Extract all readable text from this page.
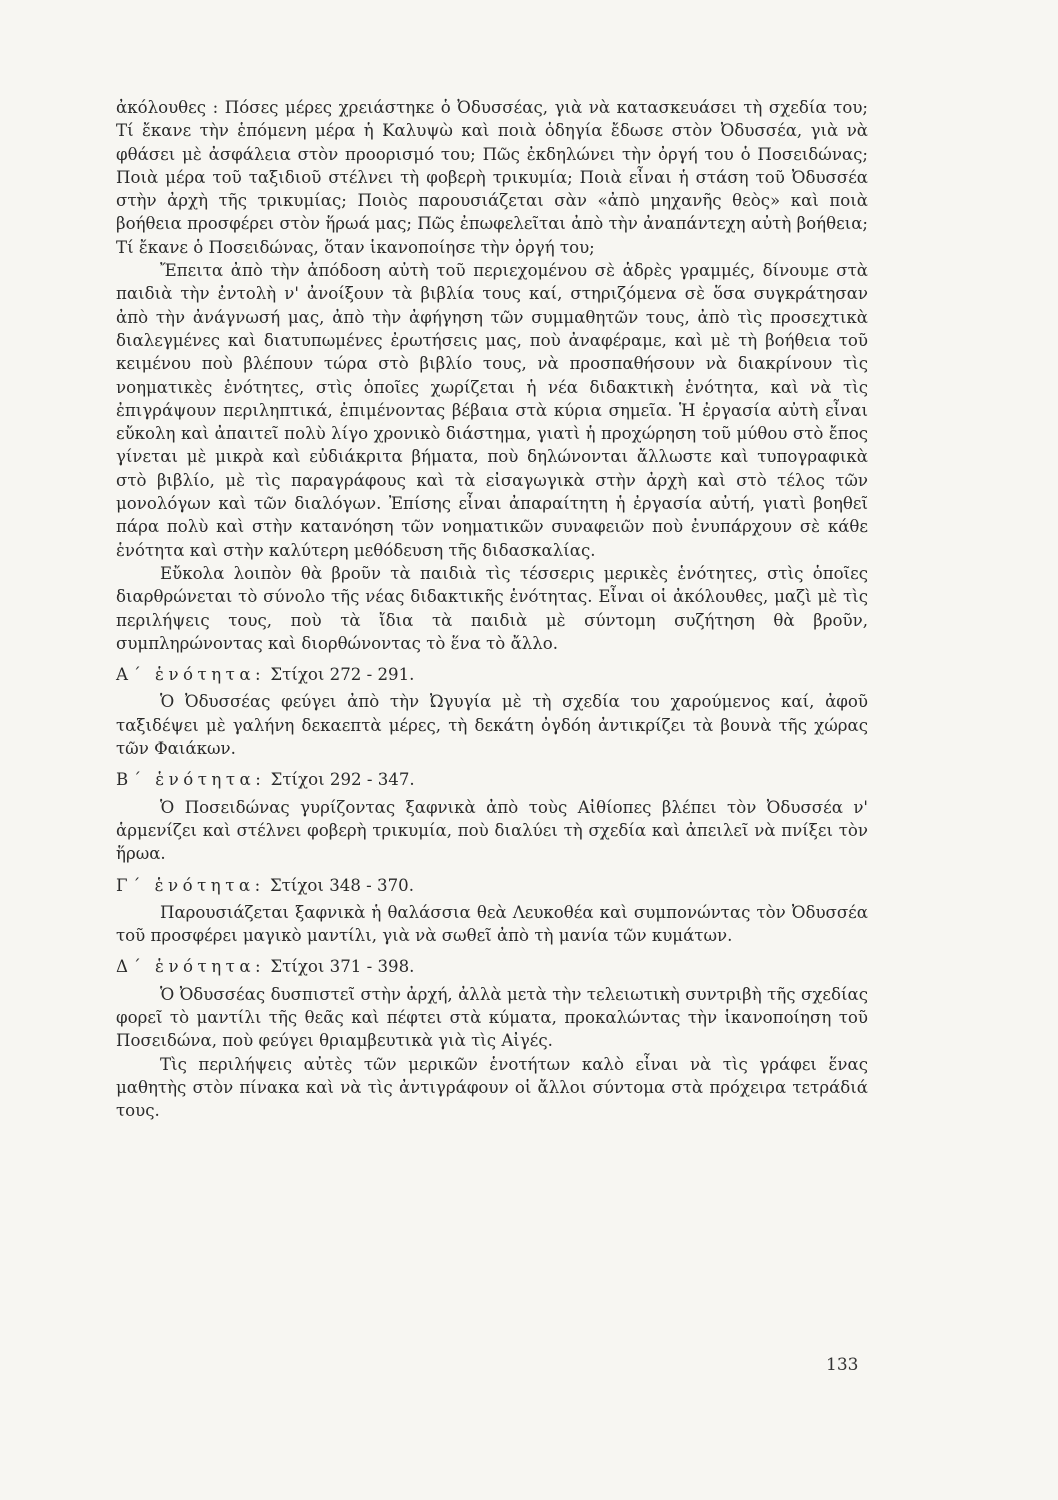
ἀκόλουθες : Πόσες μέρες χρειάστηκε ὁ Ὀδυσσέας, γιὰ νὰ κατασκευάσει τὴ σχεδία του; Τί ἔκανε τὴν ἑπόμενη μέρα ἡ Καλυψὼ καὶ ποιὰ ὁδηγία ἔδωσε στὸν Ὀδυσσέα, γιὰ νὰ φθάσει μὲ ἀσφάλεια στὸν προορισμό του; Πῶς ἐκδηλώνει τὴν ὀργή του ὁ Ποσειδώνας; Ποιὰ μέρα τοῦ ταξιδιοῦ στέλνει τὴ φοβερὴ τρικυμία; Ποιὰ εἶναι ἡ στάση τοῦ Ὀδυσσέα στὴν ἀρχὴ τῆς τρικυμίας; Ποιὸς παρουσιάζεται σὰν «ἀπὸ μηχανῆς θεὸς» καὶ ποιὰ βοήθεια προσφέρει στὸν ἥρωά μας; Πῶς ἐπωφελεῖται ἀπὸ τὴν ἀναπάντεχη αὐτὴ βοήθεια; Τί ἔκανε ὁ Ποσειδώνας, ὅταν ἱκανοποίησε τὴν ὀργή του;

Ἔπειτα ἀπὸ τὴν ἀπόδοση αὐτὴ τοῦ περιεχομένου σὲ ἁδρὲς γραμμές, δίνουμε στὰ παιδιὰ τὴν ἐντολὴ ν' ἀνοίξουν τὰ βιβλία τους καί, στηριζόμενα σὲ ὅσα συγκράτησαν ἀπὸ τὴν ἀνάγνωσή μας, ἀπὸ τὴν ἀφήγηση τῶν συμμαθητῶν τους, ἀπὸ τὶς προσεχτικὰ διαλεγμένες καὶ διατυπωμένες ἐρωτήσεις μας, ποὺ ἀναφέραμε, καὶ μὲ τὴ βοήθεια τοῦ κειμένου ποὺ βλέπουν τώρα στὸ βιβλίο τους, νὰ προσπαθήσουν νὰ διακρίνουν τὶς νοηματικὲς ἑνότητες, στὶς ὁποῖες χωρίζεται ἡ νέα διδακτικὴ ἑνότητα, καὶ νὰ τὶς ἐπιγράψουν περιληπτικά, ἐπιμένοντας βέβαια στὰ κύρια σημεῖα. Ἡ ἐργασία αὐτὴ εἶναι εὔκολη καὶ ἀπαιτεῖ πολὺ λίγο χρονικὸ διάστημα, γιατὶ ἡ προχώρηση τοῦ μύθου στὸ ἔπος γίνεται μὲ μικρὰ καὶ εὐδιάκριτα βήματα, ποὺ δηλώνονται ἄλλωστε καὶ τυπογραφικὰ στὸ βιβλίο, μὲ τὶς παραγράφους καὶ τὰ εἰσαγωγικὰ στὴν ἀρχὴ καὶ στὸ τέλος τῶν μονολόγων καὶ τῶν διαλόγων. Ἐπίσης εἶναι ἀπαραίτητη ἡ ἐργασία αὐτή, γιατὶ βοηθεῖ πάρα πολὺ καὶ στὴν κατανόηση τῶν νοηματικῶν συναφειῶν ποὺ ἐνυπάρχουν σὲ κάθε ἑνότητα καὶ στὴν καλύτερη μεθόδευση τῆς διδασκαλίας.

Εὔκολα λοιπὸν θὰ βροῦν τὰ παιδιὰ τὶς τέσσερις μερικὲς ἑνότητες, στὶς ὁποῖες διαρθρώνεται τὸ σύνολο τῆς νέας διδακτικῆς ἑνότητας. Εἶναι οἱ ἀκόλουθες, μαζὶ μὲ τὶς περιλήψεις τους, ποὺ τὰ ἴδια τὰ παιδιὰ μὲ σύντομη συζήτηση θὰ βροῦν, συμπληρώνοντας καὶ διορθώνοντας τὸ ἕνα τὸ ἄλλο.

Α΄ ἑνότητα: Στίχοι 272 - 291.

Ὁ Ὀδυσσέας φεύγει ἀπὸ τὴν Ὠγυγία μὲ τὴ σχεδία του χαρούμενος καί, ἀφοῦ ταξιδέψει μὲ γαλήνη δεκαεπτὰ μέρες, τὴ δεκάτη ὀγδόη ἀντικρίζει τὰ βουνὰ τῆς χώρας τῶν Φαιάκων.

Β΄ ἑνότητα: Στίχοι 292 - 347.

Ὁ Ποσειδώνας γυρίζοντας ξαφνικὰ ἀπὸ τοὺς Αἰθίοπες βλέπει τὸν Ὀδυσσέα ν' ἁρμενίζει καὶ στέλνει φοβερὴ τρικυμία, ποὺ διαλύει τὴ σχεδία καὶ ἀπειλεῖ νὰ πνίξει τὸν ἥρωα.

Γ΄ ἑνότητα: Στίχοι 348 - 370.

Παρουσιάζεται ξαφνικὰ ἡ θαλάσσια θεὰ Λευκοθέα καὶ συμπονώντας τὸν Ὀδυσσέα τοῦ προσφέρει μαγικὸ μαντίλι, γιὰ νὰ σωθεῖ ἀπὸ τὴ μανία τῶν κυμάτων.

Δ΄ ἑνότητα: Στίχοι 371 - 398.

Ὁ Ὀδυσσέας δυσπιστεῖ στὴν ἀρχή, ἀλλὰ μετὰ τὴν τελειωτικὴ συντριβὴ τῆς σχεδίας φορεῖ τὸ μαντίλι τῆς θεᾶς καὶ πέφτει στὰ κύματα, προκαλώντας τὴν ἱκανοποίηση τοῦ Ποσειδώνα, ποὺ φεύγει θριαμβευτικὰ γιὰ τὶς Αἰγές.

Τὶς περιλήψεις αὐτὲς τῶν μερικῶν ἑνοτήτων καλὸ εἶναι νὰ τὶς γράφει ἕνας μαθητὴς στὸν πίνακα καὶ νὰ τὶς ἀντιγράφουν οἱ ἄλλοι σύντομα στὰ πρόχειρα τετράδιά τους.

133
